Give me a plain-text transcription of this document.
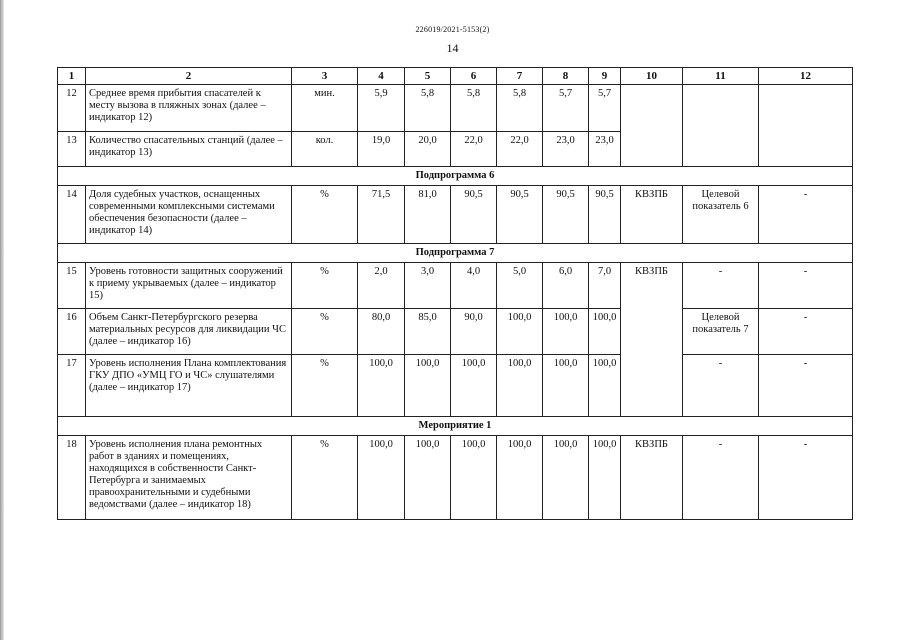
226019/2021-5153(2)
14
1	2	3	4	5	6	7	8	9	10	11	12
12	Среднее время прибытия спасателей к месту вызова в пляжных зонах (далее – индикатор 12)	мин.	5,9	5,8	5,8	5,8	5,7	5,7			
13	Количество спасательных станций (далее – индикатор 13)	кол.	19,0	20,0	22,0	22,0	23,0	23,0			
Подпрограмма 6											
14	Доля судебных участков, оснащенных современными комплексными системами обеспечения безопасности (далее – индикатор 14)	%	71,5	81,0	90,5	90,5	90,5	90,5	КВЗПБ	Целевой показатель 6	-
Подпрограмма 7											
15	Уровень готовности защитных сооружений к приему укрываемых (далее – индикатор 15)	%	2,0	3,0	4,0	5,0	6,0	7,0	КВЗПБ	-	-
16	Объем Санкт-Петербургского резерва материальных ресурсов для ликвидации ЧС (далее – индикатор 16)	%	80,0	85,0	90,0	100,0	100,0	100,0		Целевой показатель 7	-
17	Уровень исполнения Плана комплектования ГКУ ДПО «УМЦ ГО и ЧС» слушателями (далее – индикатор 17)	%	100,0	100,0	100,0	100,0	100,0	100,0		-	-
Мероприятие 1											
18	Уровень исполнения плана ремонтных работ в зданиях и помещениях, находящихся в собственности Санкт-Петербурга и занимаемых правоохранительными и судебными ведомствами (далее – индикатор 18)	%	100,0	100,0	100,0	100,0	100,0	100,0	КВЗПБ	-	-
